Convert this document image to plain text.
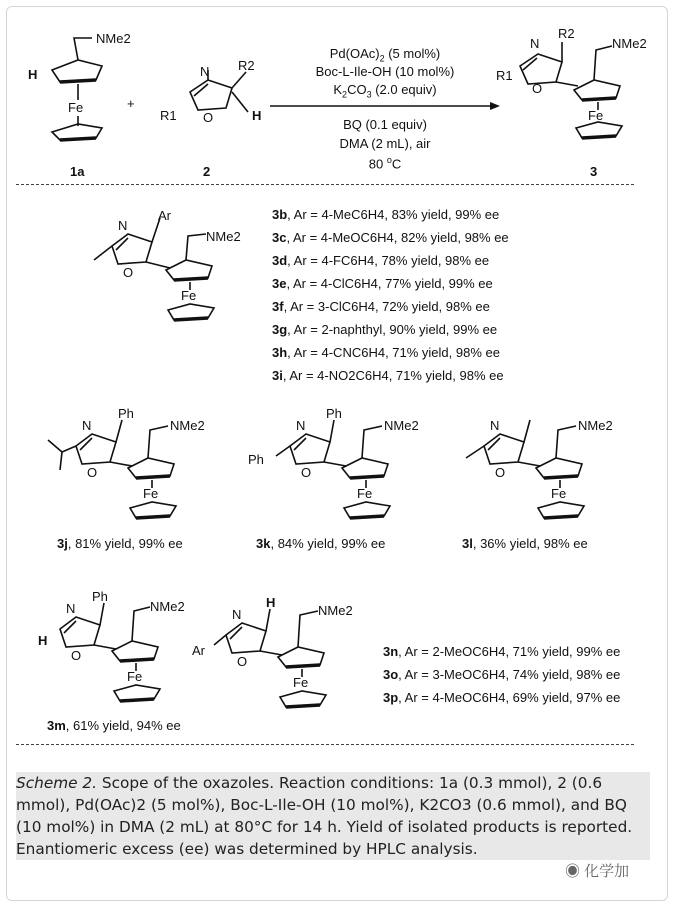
NMe2
H
Fe
1a
+
N
O
R1
R2
H
2
N
O
R1
R2
NMe2
Fe
3
$Pd(OAc)_2$ (5 mol%)
Boc-L-Ile-OH (10 mol%)
$K_2CO_3$ (2.0 equiv)
BQ (0.1 equiv)
DMA (2 mL), air
80 $^o$C
N
O
Ar
NMe2
Fe
3b, Ar = 4-MeC6H4, 83% yield, 99% ee
3c, Ar = 4-MeOC6H4, 82% yield, 98% ee
3d, Ar = 4-FC6H4, 78% yield, 98% ee
3e, Ar = 4-ClC6H4, 77% yield, 99% ee
3f, Ar = 3-ClC6H4, 72% yield, 98% ee
3g, Ar = 2-naphthyl, 90% yield, 99% ee
3h, Ar = 4-CNC6H4, 71% yield, 98% ee
3i, Ar = 4-NO2C6H4, 71% yield, 98% ee
N
O
Ph
NMe2
Fe
N
O
Ph
Ph
NMe2
Fe
N
O
NMe2
Fe
3j, 81% yield, 99% ee	3k, 84% yield, 99% ee	3l, 36% yield, 98% ee
N
O
H
Ph
NMe2
Fe
N
O
H
Ar
NMe2
Fe
3n, Ar = 2-MeOC6H4, 71% yield, 99% ee
3o, Ar = 3-MeOC6H4, 74% yield, 98% ee
3p, Ar = 4-MeOC6H4, 69% yield, 97% ee
3m, 61% yield, 94% ee
Scheme 2. Scope of the oxazoles. Reaction conditions: 1a (0.3 mmol), 2 (0.6 mmol), Pd(OAc)2 (5 mol%), Boc-L-Ile-OH (10 mol%), K2CO3 (0.6 mmol), and BQ (10 mol%) in DMA (2 mL) at 80°C for 14 h. Yield of isolated products is reported. Enantiomeric excess (ee) was determined by HPLC analysis.
◉ 化学加
